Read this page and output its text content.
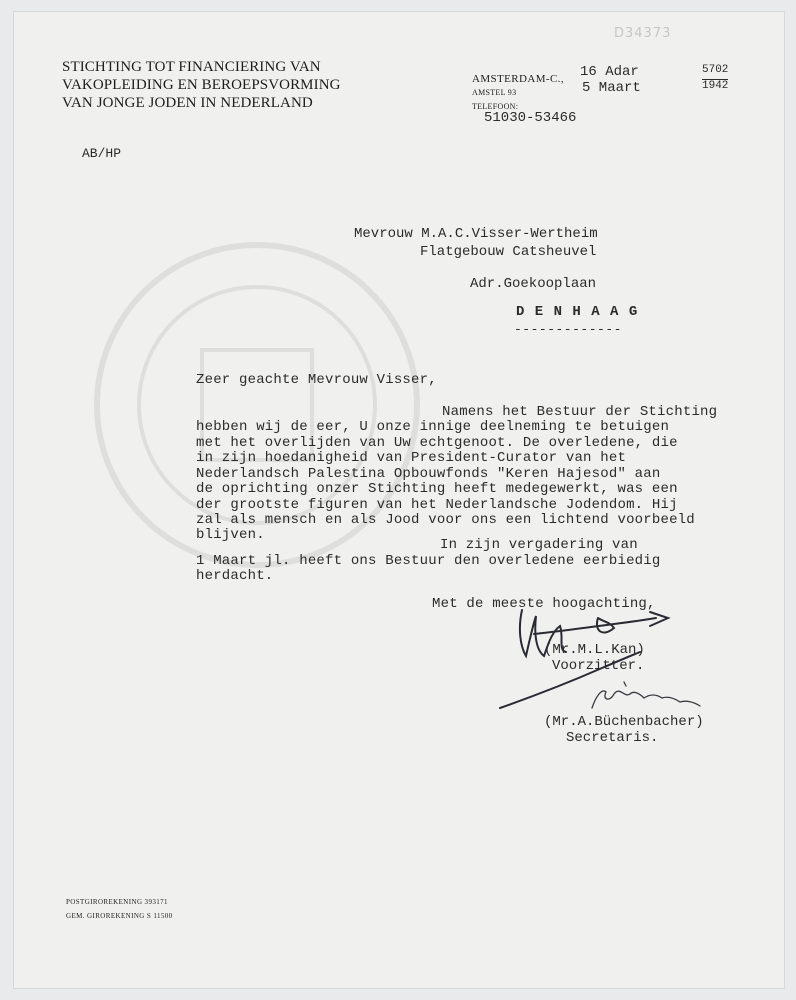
D34373
STICHTING TOT FINANCIERING VAN
VAKOPLEIDING EN BEROEPSVORMING
VAN JONGE JODEN IN NEDERLAND
AMSTERDAM-C.,
AMSTEL 93
TELEFOON:
51030-53466
16 Adar
5 Maart
5702
1942
AB/HP
Mevrouw M.A.C.Visser-Wertheim
Flatgebouw Catsheuvel
Adr.Goekooplaan
D E N H A A G
-------------
Zeer geachte Mevrouw Visser,
Namens het Bestuur der Stichting
hebben wij de eer, U onze innige deelneming te betuigen
met het overlijden van Uw echtgenoot. De overledene, die
in zijn hoedanigheid van President-Curator van het
Nederlandsch Palestina Opbouwfonds "Keren Hajesod" aan
de oprichting onzer Stichting heeft medegewerkt, was een
der grootste figuren van het Nederlandsche Jodendom. Hij
zal als mensch en als Jood voor ons een lichtend voorbeeld
blijven.
In zijn vergadering van
1 Maart jl. heeft ons Bestuur den overledene eerbiedig
herdacht.
Met de meeste hoogachting,
(Mr.M.L.Kan)
Voorzitter.
(Mr.A.Büchenbacher)
Secretaris.
POSTGIROREKENING 393171
GEM. GIROREKENING S 11500
